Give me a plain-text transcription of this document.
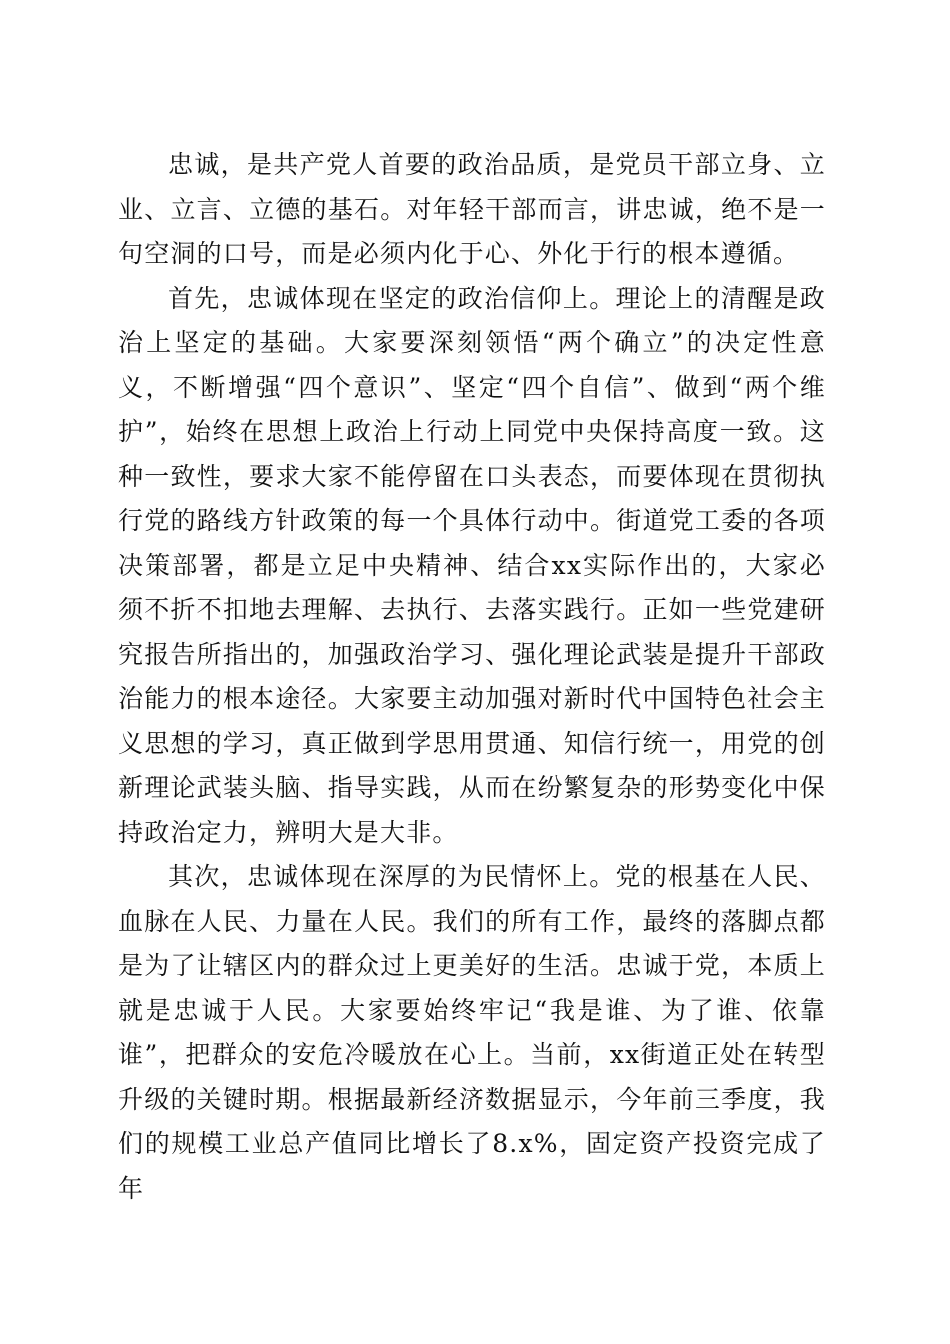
忠诚，是共产党人首要的政治品质，是党员干部立身、立业、立言、立德的基石。对年轻干部而言，讲忠诚，绝不是一句空洞的口号，而是必须内化于心、外化于行的根本遵循。

首先，忠诚体现在坚定的政治信仰上。理论上的清醒是政治上坚定的基础。大家要深刻领悟“两个确立”的决定性意义，不断增强“四个意识”、坚定“四个自信”、做到“两个维护”，始终在思想上政治上行动上同党中央保持高度一致。这种一致性，要求大家不能停留在口头表态，而要体现在贯彻执行党的路线方针政策的每一个具体行动中。街道党工委的各项决策部署，都是立足中央精神、结合xx实际作出的，大家必须不折不扣地去理解、去执行、去落实践行。正如一些党建研究报告所指出的，加强政治学习、强化理论武装是提升干部政治能力的根本途径。大家要主动加强对新时代中国特色社会主义思想的学习，真正做到学思用贯通、知信行统一，用党的创新理论武装头脑、指导实践，从而在纷繁复杂的形势变化中保持政治定力，辨明大是大非。

其次，忠诚体现在深厚的为民情怀上。党的根基在人民、血脉在人民、力量在人民。我们的所有工作，最终的落脚点都是为了让辖区内的群众过上更美好的生活。忠诚于党，本质上就是忠诚于人民。大家要始终牢记“我是谁、为了谁、依靠谁”，把群众的安危冷暖放在心上。当前，xx街道正处在转型升级的关键时期。根据最新经济数据显示，今年前三季度，我们的规模工业总产值同比增长了8.x%，固定资产投资完成了年
